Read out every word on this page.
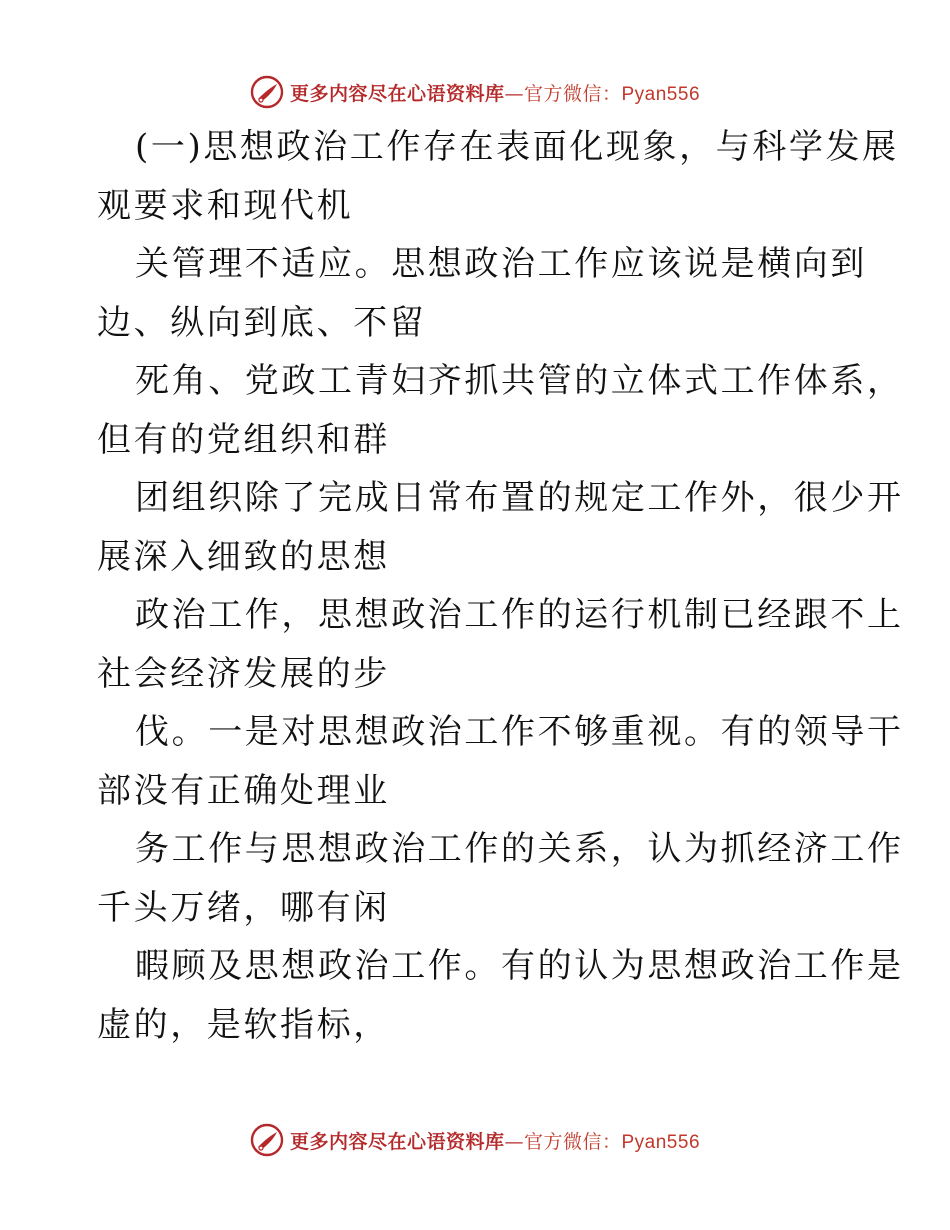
更多内容尽在心语资料库—官方微信：Pyan556
(一)思想政治工作存在表面化现象，与科学发展
观要求和现代机
关管理不适应。思想政治工作应该说是横向到
边、纵向到底、不留
死角、党政工青妇齐抓共管的立体式工作体系，
但有的党组织和群
团组织除了完成日常布置的规定工作外，很少开
展深入细致的思想
政治工作，思想政治工作的运行机制已经跟不上
社会经济发展的步
伐。一是对思想政治工作不够重视。有的领导干
部没有正确处理业
务工作与思想政治工作的关系，认为抓经济工作
千头万绪，哪有闲
暇顾及思想政治工作。有的认为思想政治工作是
虚的，是软指标，
更多内容尽在心语资料库—官方微信：Pyan556
